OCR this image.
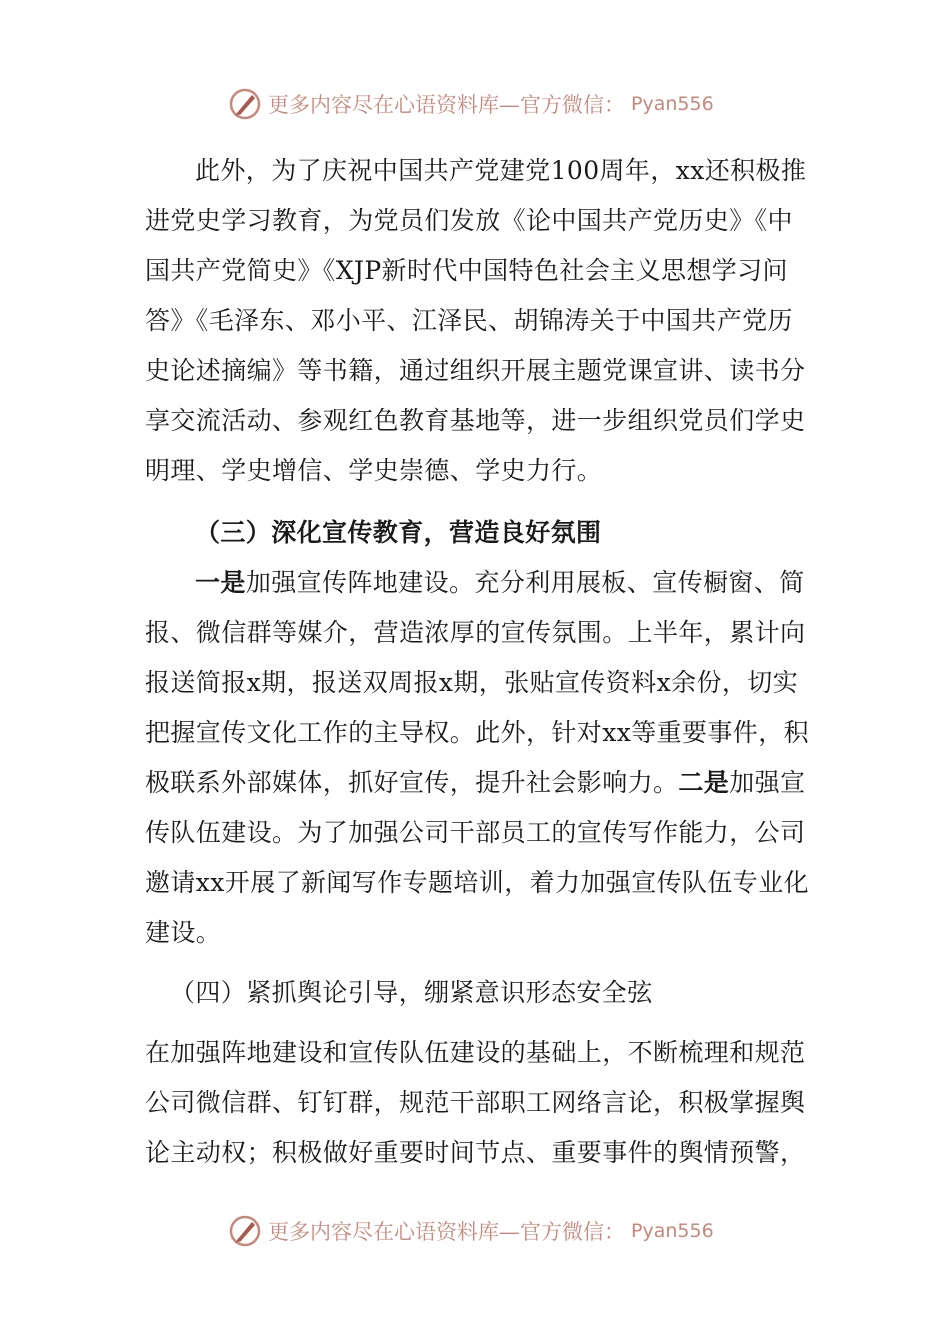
更多内容尽在心语资料库—官方微信： Pyan556

此外，为了庆祝中国共产党建党100周年，xx还积极推进党史学习教育，为党员们发放《论中国共产党历史》《中国共产党简史》《XJP新时代中国特色社会主义思想学习问答》《毛泽东、邓小平、江泽民、胡锦涛关于中国共产党历史论述摘编》等书籍，通过组织开展主题党课宣讲、读书分享交流活动、参观红色教育基地等，进一步组织党员们学史明理、学史增信、学史崇德、学史力行。

（三）深化宣传教育，营造良好氛围

一是加强宣传阵地建设。充分利用展板、宣传橱窗、简报、微信群等媒介，营造浓厚的宣传氛围。上半年，累计向报送简报x期，报送双周报x期，张贴宣传资料x余份，切实把握宣传文化工作的主导权。此外，针对xx等重要事件，积极联系外部媒体，抓好宣传，提升社会影响力。二是加强宣传队伍建设。为了加强公司干部员工的宣传写作能力，公司邀请xx开展了新闻写作专题培训，着力加强宣传队伍专业化建设。

（四）紧抓舆论引导，绷紧意识形态安全弦

在加强阵地建设和宣传队伍建设的基础上，不断梳理和规范公司微信群、钉钉群，规范干部职工网络言论，积极掌握舆论主动权；积极做好重要时间节点、重要事件的舆情预警，

更多内容尽在心语资料库—官方微信： Pyan556
